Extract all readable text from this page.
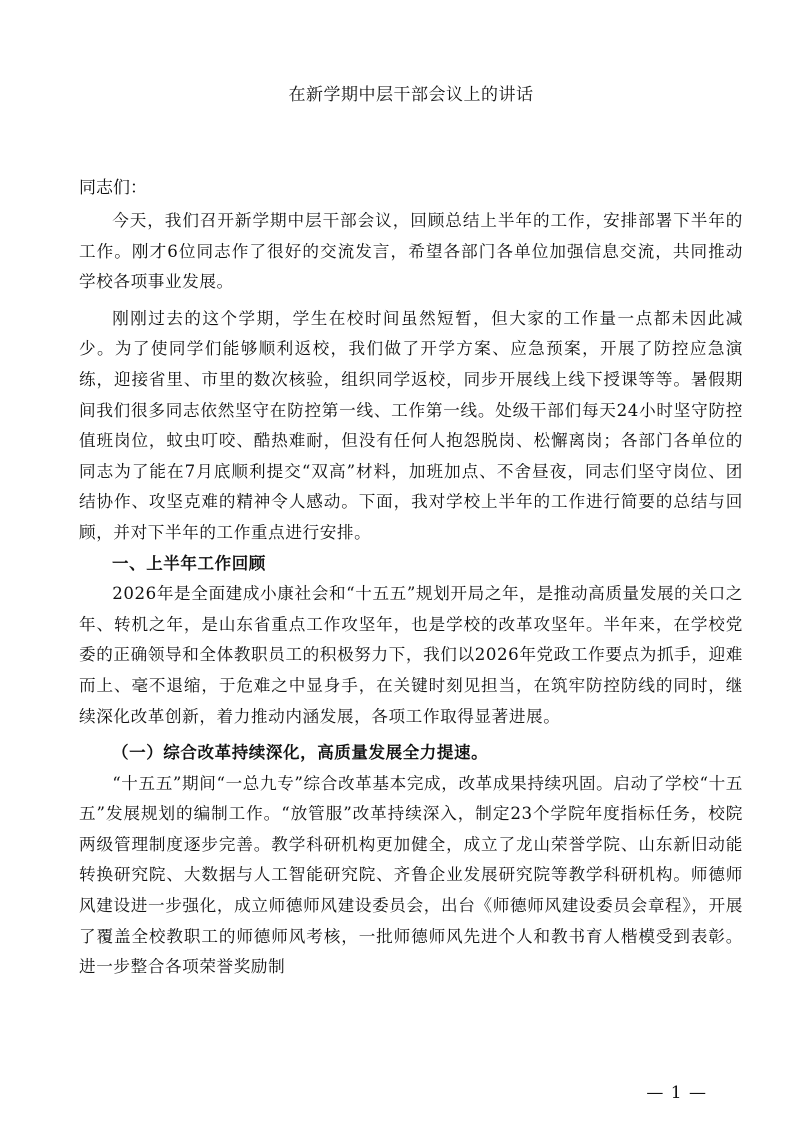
在新学期中层干部会议上的讲话
同志们：

今天，我们召开新学期中层干部会议，回顾总结上半年的工作，安排部署下半年的工作。刚才6位同志作了很好的交流发言，希望各部门各单位加强信息交流，共同推动学校各项事业发展。

刚刚过去的这个学期，学生在校时间虽然短暂，但大家的工作量一点都未因此减少。为了使同学们能够顺利返校，我们做了开学方案、应急预案，开展了防控应急演练，迎接省里、市里的数次核验，组织同学返校，同步开展线上线下授课等等。暑假期间我们很多同志依然坚守在防控第一线、工作第一线。处级干部们每天24小时坚守防控值班岗位，蚊虫叮咬、酷热难耐，但没有任何人抱怨脱岗、松懈离岗；各部门各单位的同志为了能在7月底顺利提交“双高”材料，加班加点、不舍昼夜，同志们坚守岗位、团结协作、攻坚克难的精神令人感动。下面，我对学校上半年的工作进行简要的总结与回顾，并对下半年的工作重点进行安排。

一、上半年工作回顾

2026年是全面建成小康社会和“十五五”规划开局之年，是推动高质量发展的关口之年、转机之年，是山东省重点工作攻坚年，也是学校的改革攻坚年。半年来，在学校党委的正确领导和全体教职员工的积极努力下，我们以2026年党政工作要点为抓手，迎难而上、毫不退缩，于危难之中显身手，在关键时刻见担当，在筑牢防控防线的同时，继续深化改革创新，着力推动内涵发展，各项工作取得显著进展。

（一）综合改革持续深化，高质量发展全力提速。

“十五五”期间“一总九专”综合改革基本完成，改革成果持续巩固。启动了学校“十五五”发展规划的编制工作。“放管服”改革持续深入，制定23个学院年度指标任务，校院两级管理制度逐步完善。教学科研机构更加健全，成立了龙山荣誉学院、山东新旧动能转换研究院、大数据与人工智能研究院、齐鲁企业发展研究院等教学科研机构。师德师风建设进一步强化，成立师德师风建设委员会，出台《师德师风建设委员会章程》，开展了覆盖全校教职工的师德师风考核，一批师德师风先进个人和教书育人楷模受到表彰。进一步整合各项荣誉奖励制

— 1 —
